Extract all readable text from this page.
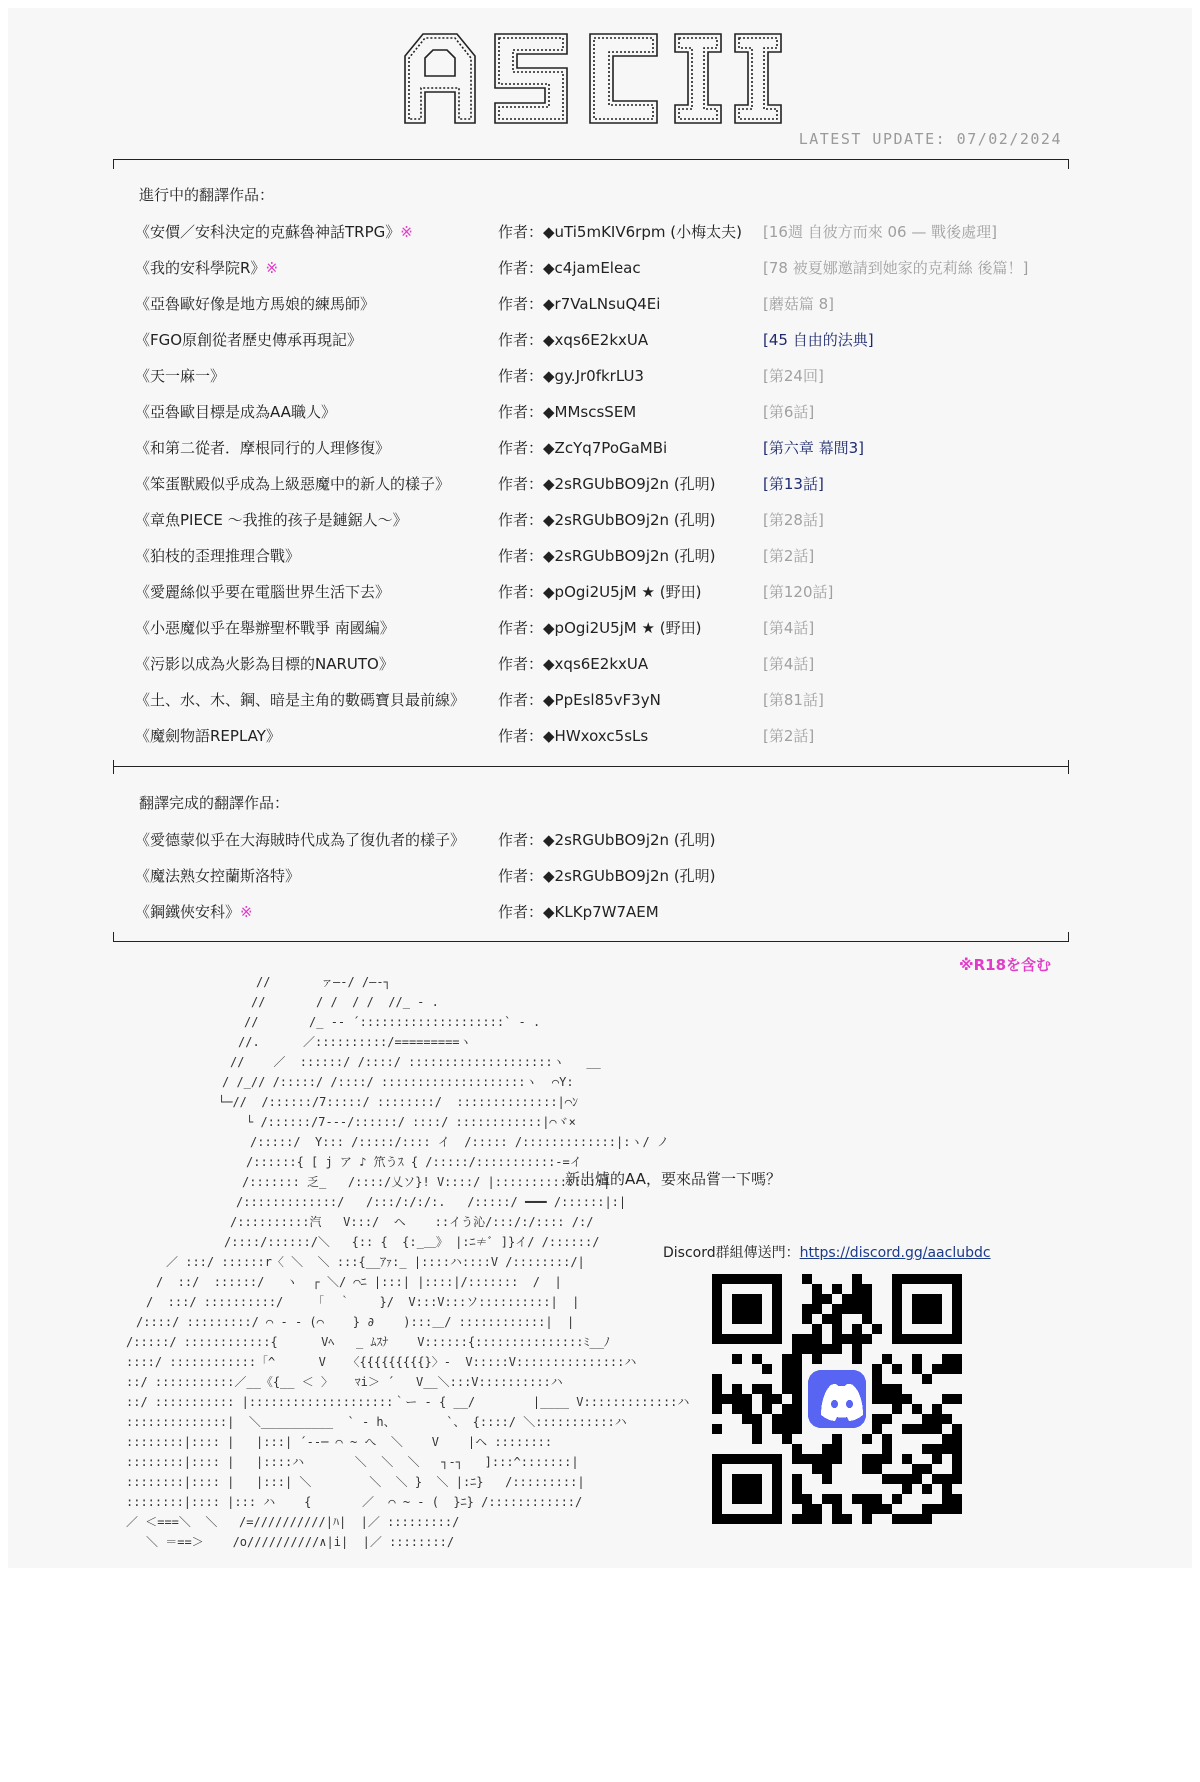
LATEST UPDATE: 07/02/2024
進行中的翻譯作品：
《安價／安科決定的克蘇魯神話TRPG》※	作者：◆uTi5mKIV6rpm (小梅太夫) [16週 自彼方而來 06 — 戰後處理]
《我的安科學院R》※	作者：◆c4jamEleac	[78 被夏娜邀請到她家的克莉絲 後篇！]
《亞魯歐好像是地方馬娘的練馬師》	作者：◆r7VaLNsuQ4Ei	[蘑菇篇 8]
《FGO原創從者歷史傳承再現記》	作者：◆xqs6E2kxUA	[45 自由的法典]
《天一麻一》	作者：◆gy.Jr0fkrLU3	[第24回]
《亞魯歐目標是成為AA職人》	作者：◆MMscsSEM	[第6話]
《和第二從者．摩根同行的人理修復》	作者：◆ZcYq7PoGaMBi	[第六章 幕間3]
《笨蛋獸殿似乎成為上級惡魔中的新人的樣子》	作者：◆2sRGUbBO9j2n (孔明)	[第13話]
《章魚PIECE ～我推的孩子是鏈鋸人～》	作者：◆2sRGUbBO9j2n (孔明)	[第28話]
《狛枝的歪理推理合戰》	作者：◆2sRGUbBO9j2n (孔明)	[第2話]
《愛麗絲似乎要在電腦世界生活下去》	作者：◆pOgi2U5jM ★ (野田)	[第120話]
《小惡魔似乎在舉辦聖杯戰爭 南國編》	作者：◆pOgi2U5jM ★ (野田)	[第4話]
《污影以成為火影為目標的NARUTO》	作者：◆xqs6E2kxUA	[第4話]
《土、水、木、鋼、暗是主角的數碼寶貝最前線》 作者：◆PpEsl85vF3yN	[第81話]
《魔劍物語REPLAY》	作者：◆HWxoxc5sLs	[第2話]
翻譯完成的翻譯作品：
《愛德蒙似乎在大海賊時代成為了復仇者的樣子》 作者：◆2sRGUbBO9j2n (孔明)
《魔法熟女控蘭斯洛特》	作者：◆2sRGUbBO9j2n (孔明)
《鋼鐵俠安科》※	作者：◆KLKp7W7AEM
※R18を含む
//       ァ―‐/ /―‐┐
//       / /  / /  //_ ‐ .
//       /_ -‐ ´::::::::::::::::::::` ‐ .
//.      ／::::::::::/=========ヽ
//    ／  ::::::/ /::::/ ::::::::::::::::::::ヽ   __
/ /_// /:::::/ /::::/ ::::::::::::::::::::ヽ  ⌒Y:
└─//  /::::::/7:::::/ ::::::::/  ::::::::::::::|⌒ﾝ
└ /::::::/7‐‐‐/::::::/ ::::/ ::::::::::::|⌒ヾ×
/:::::/  Y::: /:::::/:::: イ  /::::: /:::::::::::::|:ヽ/ ノ
/::::::{ [ j ア ♪ 笊うｽ { /:::::/:::::::::::-=イ
/::::::: 乏_   /::::/乂ソ}! V::::/ |:::::::::::::::|
/:::::::::::::/   /:::/:/:/:.   /:::::/ ━━━ /::::::|:|
/::::::::::汽   V:::/  ヘ    ::イう沁/:::/:/:::: /:/
/::::/::::::/＼   {:: {  {:_＿》 |:ﾆ≠ﾞ ]}イ/ /::::::/
／ :::/ ::::::r〈 ＼  ＼ :::{__ｱｧ:_ |::::ハ::::V /::::::::/|
/  ::/  ::::::/   ヽ  ┌ ＼/ ⌒ﾆ |:::| |::::|/:::::::  /  |
/  :::/ ::::::::::/    「  ｀    }/  V:::V:::ソ::::::::::|  |
/::::/ :::::::::/ ⌒ ‐ - (⌒    } ∂    ):::＿/ ::::::::::::|  |
/:::::/ ::::::::::::{      Vﾍ   _ ﾑｽﾅ    V::::::{:::::::::::::::ﾐ__ﾉ
::::/ ::::::::::::「^      V   〈{{{{{{{{{}〉‐  V:::::V:::::::::::::::ハ
::/ :::::::::::／__《{__ ＜ 〉   ﾏi＞ ´   V__＼:::V::::::::::ハ
::/ ::::::::::: |::::::::::::::::::::｀ー ‐ { __/        |____ V:::::::::::::ハ
::::::::::::::|  ＼__________  ` ‐ h、       `、 {::::/ ＼:::::::::::ハ
::::::::|:::: |   |:::| ´‐‐─ ⌒ ~ へ  ＼    V    |ヘ ::::::::
::::::::|:::: |   |::::ハ       ＼  ＼  ＼   ┐‐┐   ]:::^:::::::|
::::::::|:::: |   |:::| ＼        ＼  ＼ }  ＼ |:ﾆ}   /:::::::::|
::::::::|:::: |::: ハ    {       ／  ⌒ ~ - (  }ﾆ} /::::::::::::/
／ ＜===＼  ＼   /=//////////|ﾊ|  |／ :::::::::/
＼ ＝==＞    /o//////////∧|i|  |／ ::::::::/
新出爐的AA，要來品嘗一下嗎？
Discord群組傳送門：https://discord.gg/aaclubdc
